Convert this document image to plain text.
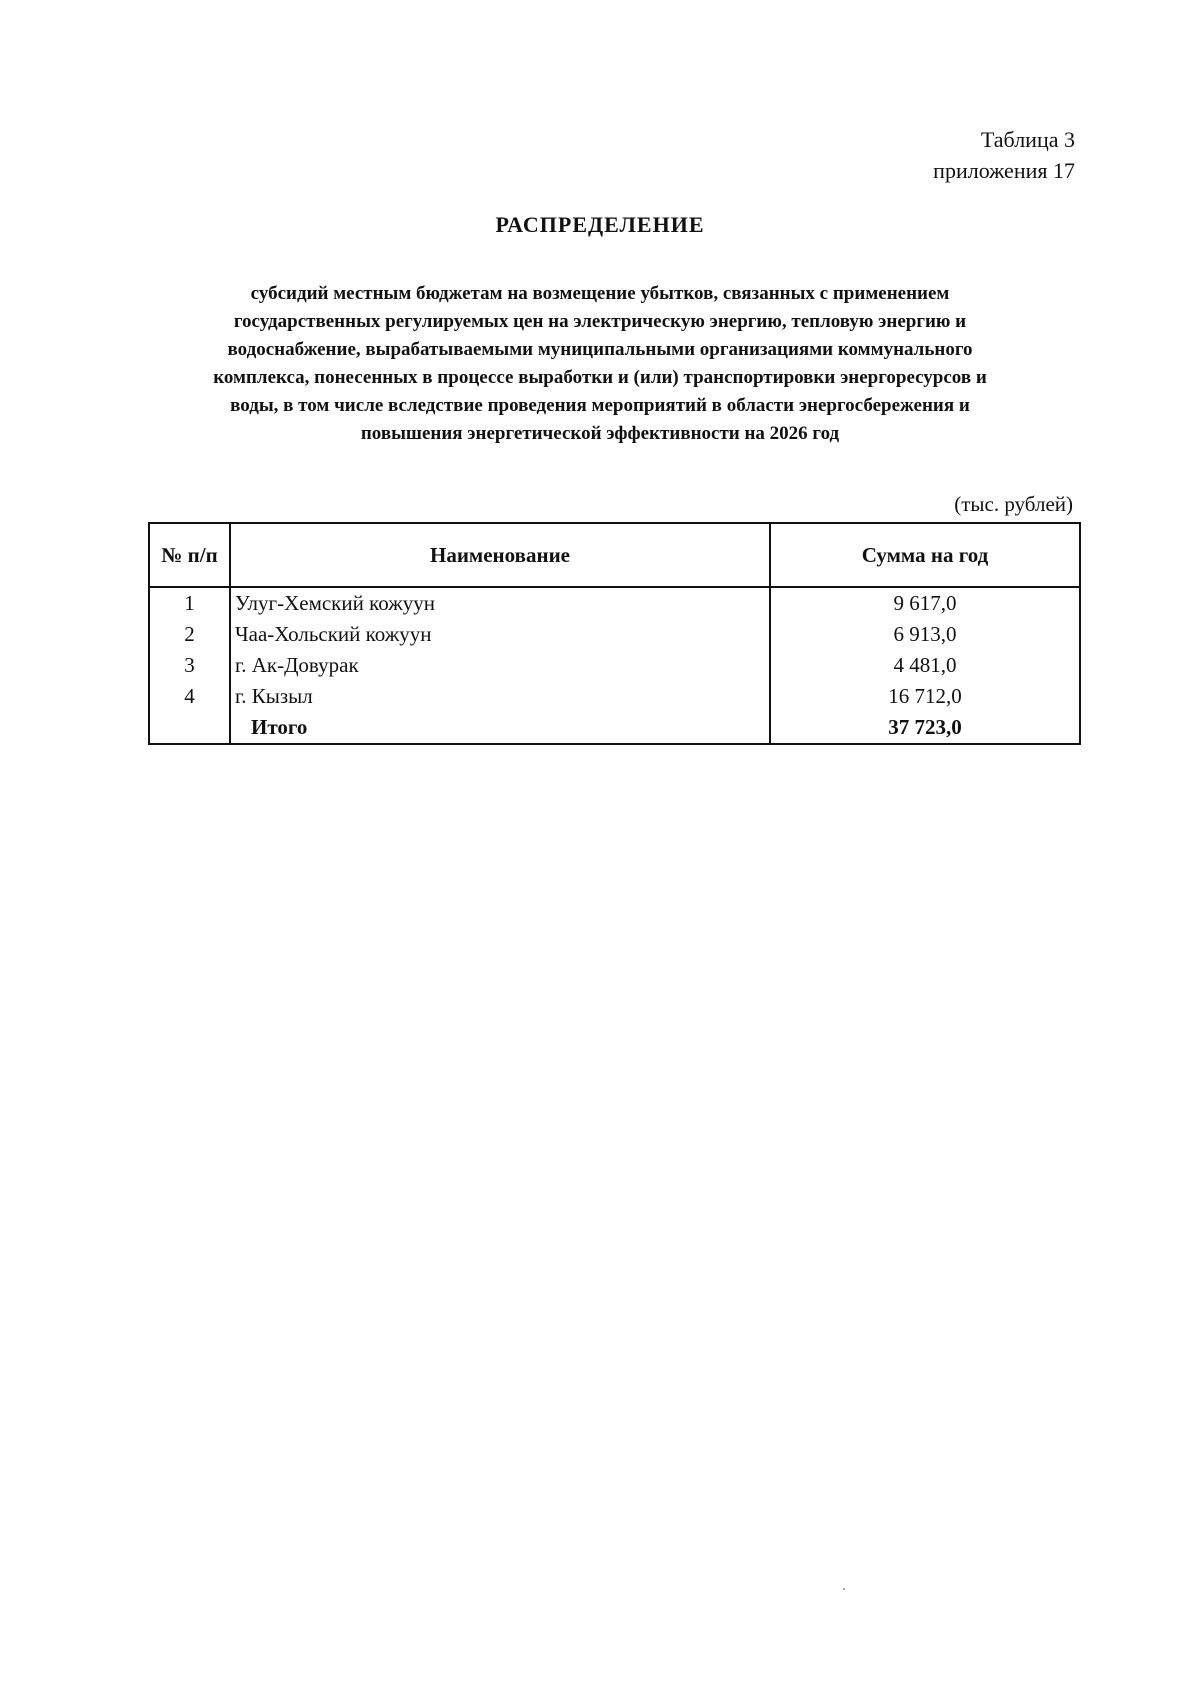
Таблица 3
приложения 17
РАСПРЕДЕЛЕНИЕ
субсидий местным бюджетам на возмещение убытков, связанных с применением
государственных регулируемых цен на электрическую энергию, тепловую энергию и
водоснабжение, вырабатываемыми муниципальными организациями коммунального
комплекса, понесенных в процессе выработки и (или) транспортировки энергоресурсов и
воды, в том числе вследствие проведения мероприятий в области энергосбережения и
повышения энергетической эффективности на 2026 год
(тыс. рублей)
№ п/п	Наименование	Сумма на год
1	Улуг-Хемский кожуун	9 617,0
2	Чаа-Хольский кожуун	6 913,0
3	г. Ак-Довурак	4 481,0
4	г. Кызыл	16 712,0
	Итого	37 723,0
